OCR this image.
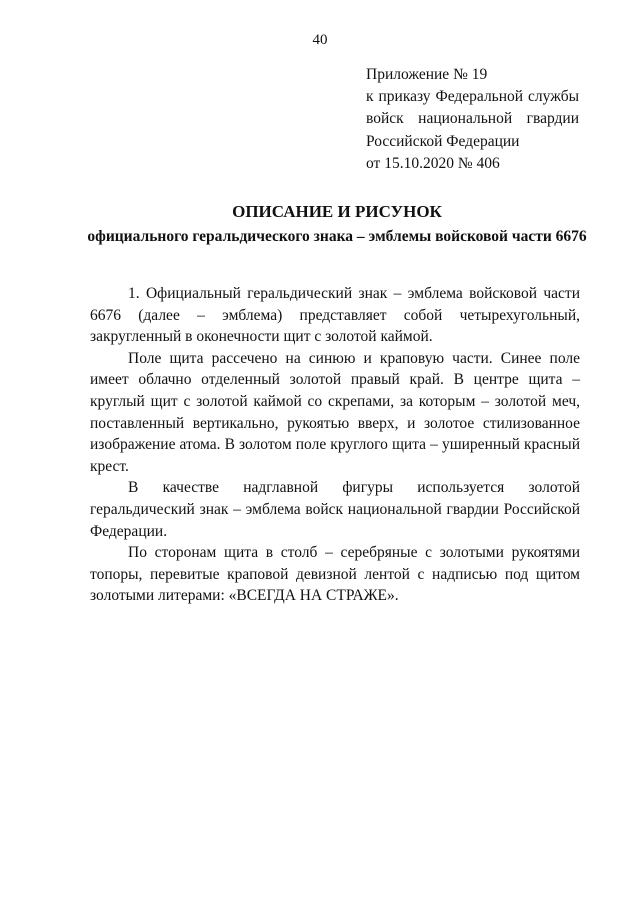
40
Приложение № 19
к приказу Федеральной службы
войск национальной гвардии
Российской Федерации
от 15.10.2020 № 406
ОПИСАНИЕ И РИСУНОК
официального геральдического знака – эмблемы войсковой части 6676

1. Официальный геральдический знак – эмблема войсковой части 6676 (далее – эмблема) представляет собой четырехугольный, закругленный в оконечности щит с золотой каймой.

Поле щита рассечено на синюю и краповую части. Синее поле имеет облачно отделенный золотой правый край. В центре щита – круглый щит с золотой каймой со скрепами, за которым – золотой меч, поставленный вертикально, рукоятью вверх, и золотое стилизованное изображение атома. В золотом поле круглого щита – уширенный красный крест.

В качестве надглавной фигуры используется золотой геральдический знак – эмблема войск национальной гвардии Российской Федерации.

По сторонам щита в столб – серебряные с золотыми рукоятями топоры, перевитые краповой девизной лентой с надписью под щитом золотыми литерами: «ВСЕГДА НА СТРАЖЕ».
